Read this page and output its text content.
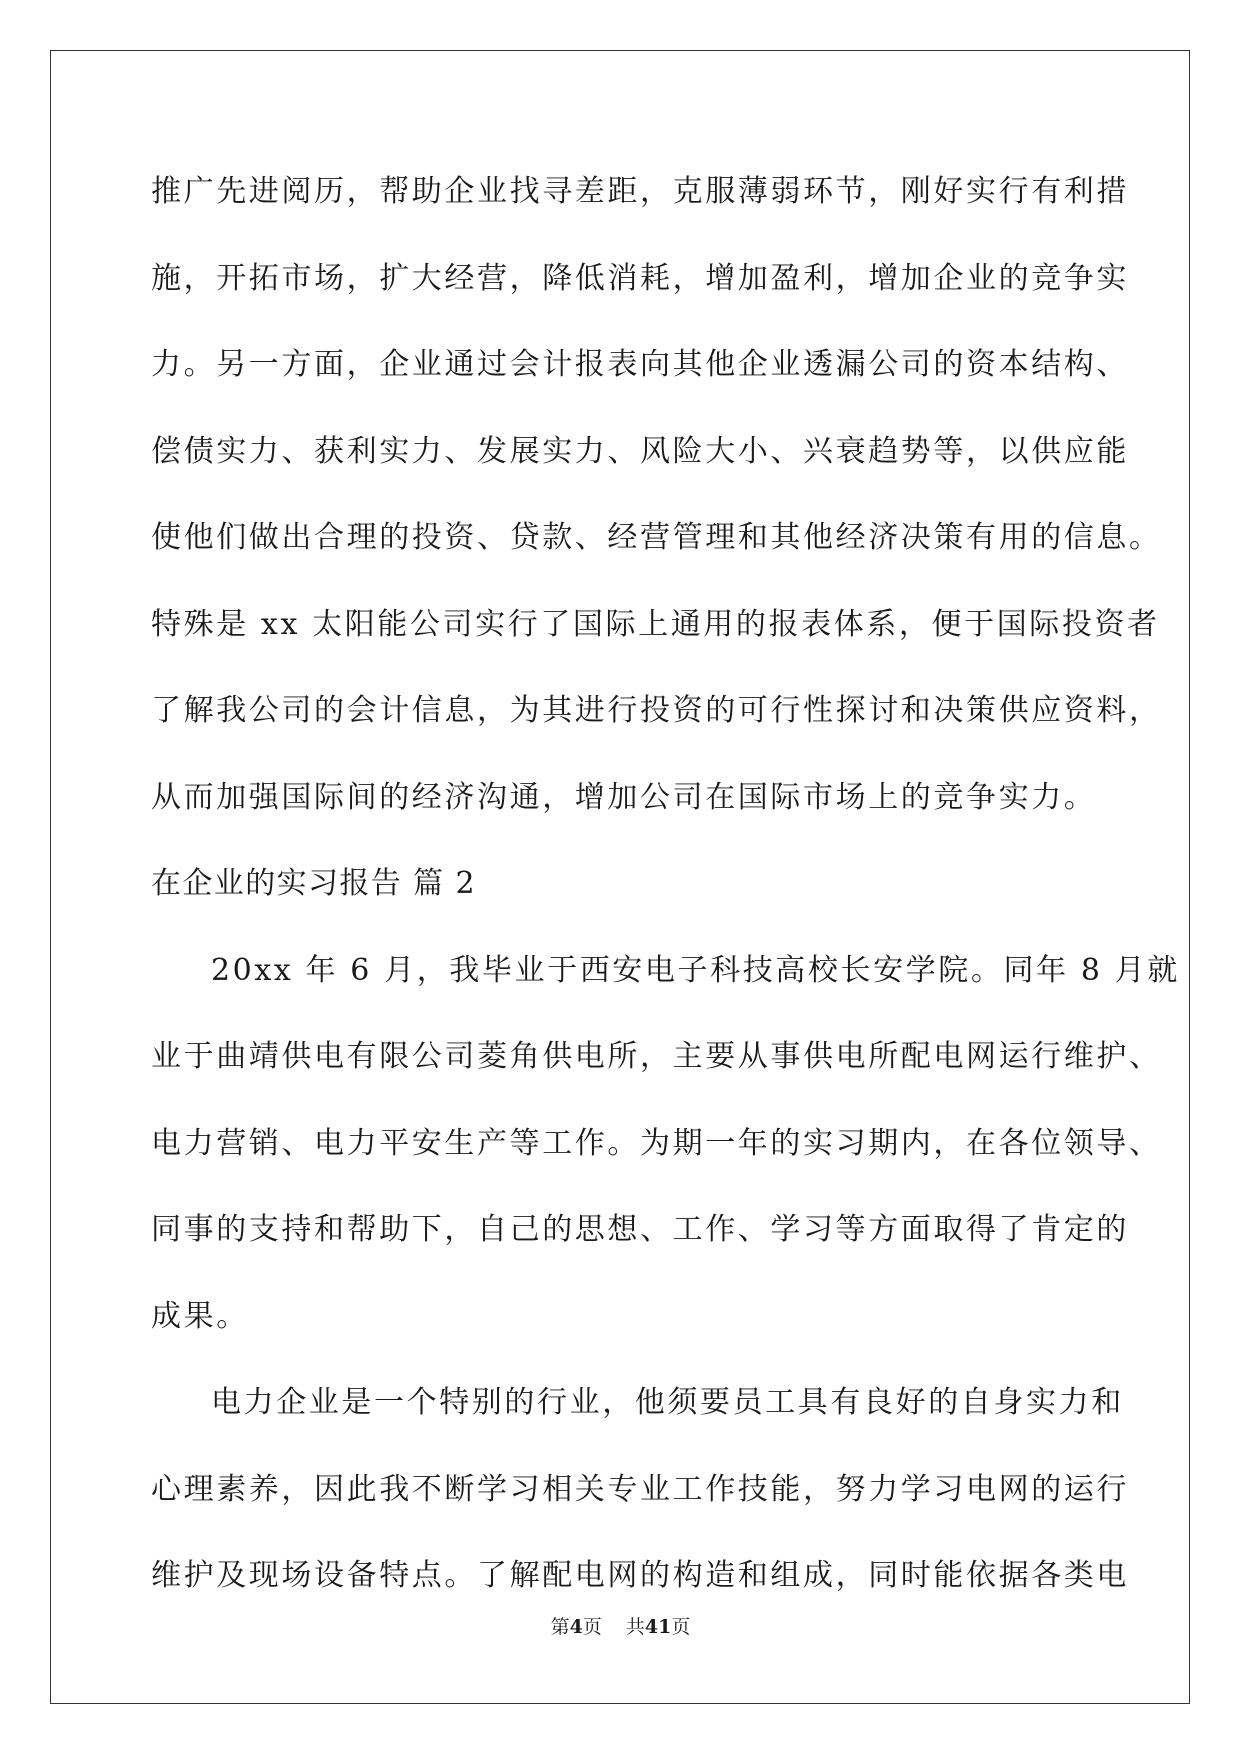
推广先进阅历，帮助企业找寻差距，克服薄弱环节，刚好实行有利措
施，开拓市场，扩大经营，降低消耗，增加盈利，增加企业的竞争实
力。另一方面，企业通过会计报表向其他企业透漏公司的资本结构、
偿债实力、获利实力、发展实力、风险大小、兴衰趋势等，以供应能
使他们做出合理的投资、贷款、经营管理和其他经济决策有用的信息。
特殊是 xx 太阳能公司实行了国际上通用的报表体系，便于国际投资者
了解我公司的会计信息，为其进行投资的可行性探讨和决策供应资料，
从而加强国际间的经济沟通，增加公司在国际市场上的竞争实力。
在企业的实习报告 篇 2
20xx 年 6 月，我毕业于西安电子科技高校长安学院。同年 8 月就
业于曲靖供电有限公司菱角供电所，主要从事供电所配电网运行维护、
电力营销、电力平安生产等工作。为期一年的实习期内，在各位领导、
同事的支持和帮助下，自己的思想、工作、学习等方面取得了肯定的
成果。
电力企业是一个特别的行业，他须要员工具有良好的自身实力和
心理素养，因此我不断学习相关专业工作技能，努力学习电网的运行
维护及现场设备特点。了解配电网的构造和组成，同时能依据各类电
第4页 共41页
